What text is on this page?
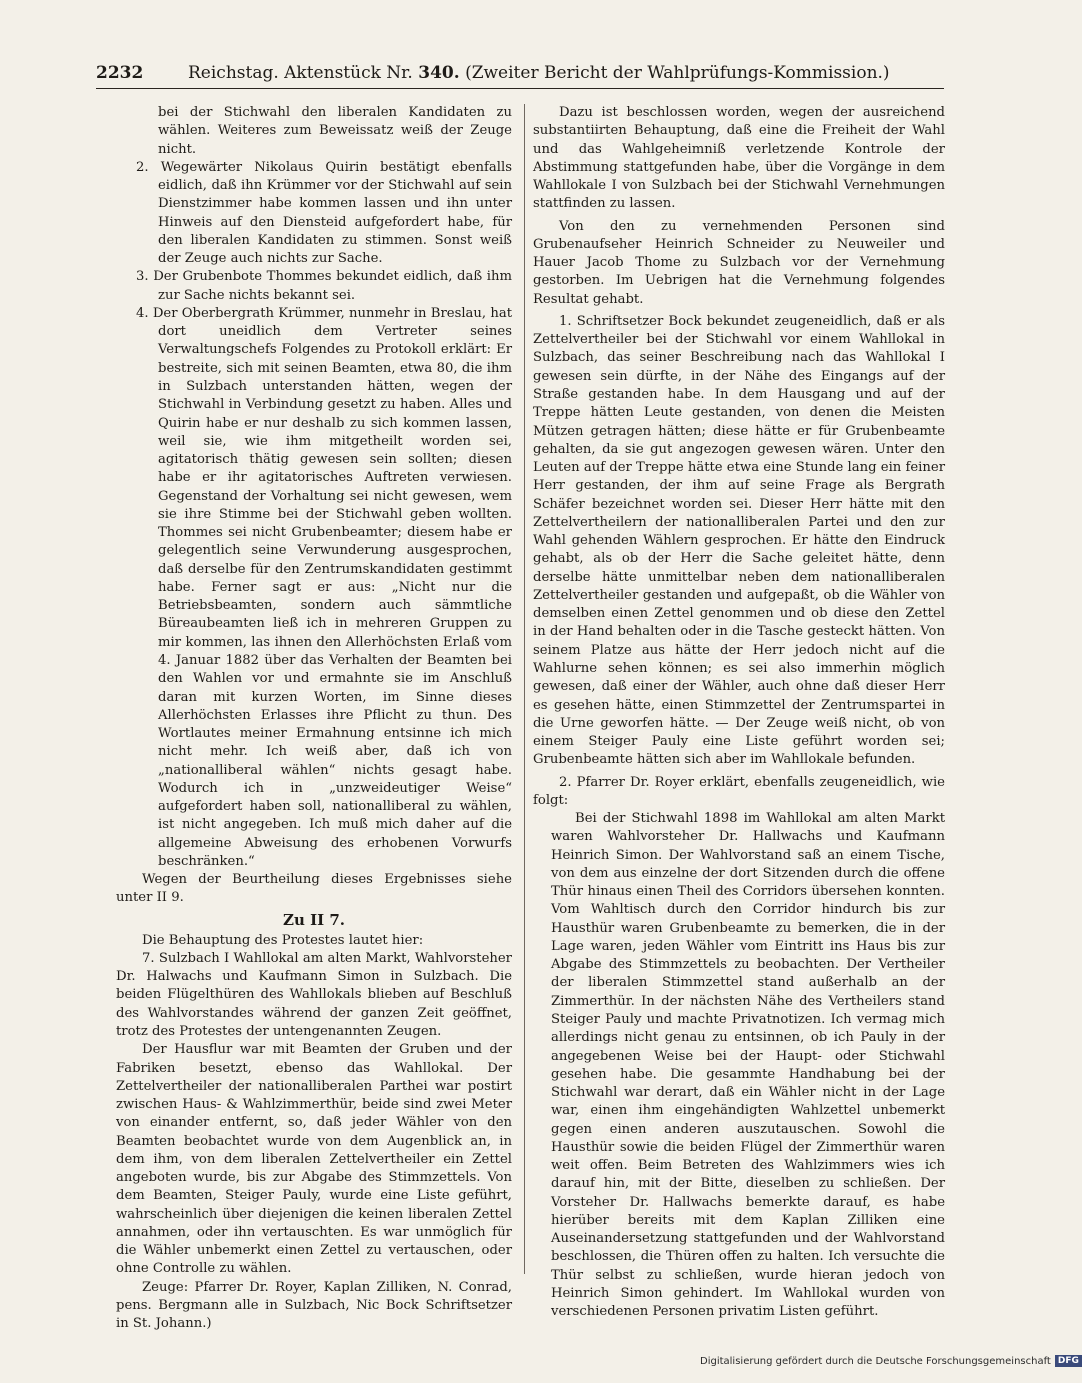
2232	Reichstag. Aktenstück Nr. 340. (Zweiter Bericht der Wahlprüfungs-Kommission.)

bei der Stichwahl den liberalen Kandidaten zu wählen. Weiteres zum Beweissatz weiß der Zeuge nicht.

2. Wegewärter Nikolaus Quirin bestätigt ebenfalls eidlich, daß ihn Krümmer vor der Stichwahl auf sein Dienstzimmer habe kommen lassen und ihn unter Hinweis auf den Diensteid aufgefordert habe, für den liberalen Kandidaten zu stimmen. Sonst weiß der Zeuge auch nichts zur Sache.

3. Der Grubenbote Thommes bekundet eidlich, daß ihm zur Sache nichts bekannt sei.

4. Der Oberbergrath Krümmer, nunmehr in Breslau, hat dort uneidlich dem Vertreter seines Verwaltungschefs Folgendes zu Protokoll erklärt: Er bestreite, sich mit seinen Beamten, etwa 80, die ihm in Sulzbach unterstanden hätten, wegen der Stichwahl in Verbindung gesetzt zu haben. Alles und Quirin habe er nur deshalb zu sich kommen lassen, weil sie, wie ihm mitgetheilt worden sei, agitatorisch thätig gewesen sein sollten; diesen habe er ihr agitatorisches Auftreten verwiesen. Gegenstand der Vorhaltung sei nicht gewesen, wem sie ihre Stimme bei der Stichwahl geben wollten. Thommes sei nicht Grubenbeamter; diesem habe er gelegentlich seine Verwunderung ausgesprochen, daß derselbe für den Zentrumskandidaten gestimmt habe. Ferner sagt er aus: „Nicht nur die Betriebsbeamten, sondern auch sämmtliche Büreaubeamten ließ ich in mehreren Gruppen zu mir kommen, las ihnen den Allerhöchsten Erlaß vom 4. Januar 1882 über das Verhalten der Beamten bei den Wahlen vor und ermahnte sie im Anschluß daran mit kurzen Worten, im Sinne dieses Allerhöchsten Erlasses ihre Pflicht zu thun. Des Wortlautes meiner Ermahnung entsinne ich mich nicht mehr. Ich weiß aber, daß ich von „nationalliberal wählen“ nichts gesagt habe. Wodurch ich in „unzweideutiger Weise“ aufgefordert haben soll, nationalliberal zu wählen, ist nicht angegeben. Ich muß mich daher auf die allgemeine Abweisung des erhobenen Vorwurfs beschränken.“

Wegen der Beurtheilung dieses Ergebnisses siehe unter II 9.

Zu II 7.

Die Behauptung des Protestes lautet hier:

7. Sulzbach I Wahllokal am alten Markt, Wahlvorsteher Dr. Halwachs und Kaufmann Simon in Sulzbach. Die beiden Flügelthüren des Wahllokals blieben auf Beschluß des Wahlvorstandes während der ganzen Zeit geöffnet, trotz des Protestes der untengenannten Zeugen.

Der Hausflur war mit Beamten der Gruben und der Fabriken besetzt, ebenso das Wahllokal. Der Zettelvertheiler der nationalliberalen Parthei war postirt zwischen Haus- & Wahlzimmerthür, beide sind zwei Meter von einander entfernt, so, daß jeder Wähler von den Beamten beobachtet wurde von dem Augenblick an, in dem ihm, von dem liberalen Zettelvertheiler ein Zettel angeboten wurde, bis zur Abgabe des Stimmzettels. Von dem Beamten, Steiger Pauly, wurde eine Liste geführt, wahrscheinlich über diejenigen die keinen liberalen Zettel annahmen, oder ihn vertauschten. Es war unmöglich für die Wähler unbemerkt einen Zettel zu vertauschen, oder ohne Controlle zu wählen.

Zeuge: Pfarrer Dr. Royer, Kaplan Zilliken, N. Conrad, pens. Bergmann alle in Sulzbach, Nic Bock Schriftsetzer in St. Johann.)

Dazu ist beschlossen worden, wegen der ausreichend substantiirten Behauptung, daß eine die Freiheit der Wahl und das Wahlgeheimniß verletzende Kontrole der Abstimmung stattgefunden habe, über die Vorgänge in dem Wahllokale I von Sulzbach bei der Stichwahl Vernehmungen stattfinden zu lassen.

Von den zu vernehmenden Personen sind Grubenaufseher Heinrich Schneider zu Neuweiler und Hauer Jacob Thome zu Sulzbach vor der Vernehmung gestorben. Im Uebrigen hat die Vernehmung folgendes Resultat gehabt.

1. Schriftsetzer Bock bekundet zeugeneidlich, daß er als Zettelvertheiler bei der Stichwahl vor einem Wahllokal in Sulzbach, das seiner Beschreibung nach das Wahllokal I gewesen sein dürfte, in der Nähe des Eingangs auf der Straße gestanden habe. In dem Hausgang und auf der Treppe hätten Leute gestanden, von denen die Meisten Mützen getragen hätten; diese hätte er für Grubenbeamte gehalten, da sie gut angezogen gewesen wären. Unter den Leuten auf der Treppe hätte etwa eine Stunde lang ein feiner Herr gestanden, der ihm auf seine Frage als Bergrath Schäfer bezeichnet worden sei. Dieser Herr hätte mit den Zettelvertheilern der nationalliberalen Partei und den zur Wahl gehenden Wählern gesprochen. Er hätte den Eindruck gehabt, als ob der Herr die Sache geleitet hätte, denn derselbe hätte unmittelbar neben dem nationalliberalen Zettelvertheiler gestanden und aufgepaßt, ob die Wähler von demselben einen Zettel genommen und ob diese den Zettel in der Hand behalten oder in die Tasche gesteckt hätten. Von seinem Platze aus hätte der Herr jedoch nicht auf die Wahlurne sehen können; es sei also immerhin möglich gewesen, daß einer der Wähler, auch ohne daß dieser Herr es gesehen hätte, einen Stimmzettel der Zentrumspartei in die Urne geworfen hätte. — Der Zeuge weiß nicht, ob von einem Steiger Pauly eine Liste geführt worden sei; Grubenbeamte hätten sich aber im Wahllokale befunden.

2. Pfarrer Dr. Royer erklärt, ebenfalls zeugeneidlich, wie folgt:

Bei der Stichwahl 1898 im Wahllokal am alten Markt waren Wahlvorsteher Dr. Hallwachs und Kaufmann Heinrich Simon. Der Wahlvorstand saß an einem Tische, von dem aus einzelne der dort Sitzenden durch die offene Thür hinaus einen Theil des Corridors übersehen konnten. Vom Wahltisch durch den Corridor hindurch bis zur Hausthür waren Grubenbeamte zu bemerken, die in der Lage waren, jeden Wähler vom Eintritt ins Haus bis zur Abgabe des Stimmzettels zu beobachten. Der Vertheiler der liberalen Stimmzettel stand außerhalb an der Zimmerthür. In der nächsten Nähe des Vertheilers stand Steiger Pauly und machte Privatnotizen. Ich vermag mich allerdings nicht genau zu entsinnen, ob ich Pauly in der angegebenen Weise bei der Haupt- oder Stichwahl gesehen habe. Die gesammte Handhabung bei der Stichwahl war derart, daß ein Wähler nicht in der Lage war, einen ihm eingehändigten Wahlzettel unbemerkt gegen einen anderen auszutauschen. Sowohl die Hausthür sowie die beiden Flügel der Zimmerthür waren weit offen. Beim Betreten des Wahlzimmers wies ich darauf hin, mit der Bitte, dieselben zu schließen. Der Vorsteher Dr. Hallwachs bemerkte darauf, es habe hierüber bereits mit dem Kaplan Zilliken eine Auseinandersetzung stattgefunden und der Wahlvorstand beschlossen, die Thüren offen zu halten. Ich versuchte die Thür selbst zu schließen, wurde hieran jedoch von Heinrich Simon gehindert. Im Wahllokal wurden von verschiedenen Personen privatim Listen geführt.

Digitalisierung gefördert durch die Deutsche Forschungsgemeinschaft DFG
